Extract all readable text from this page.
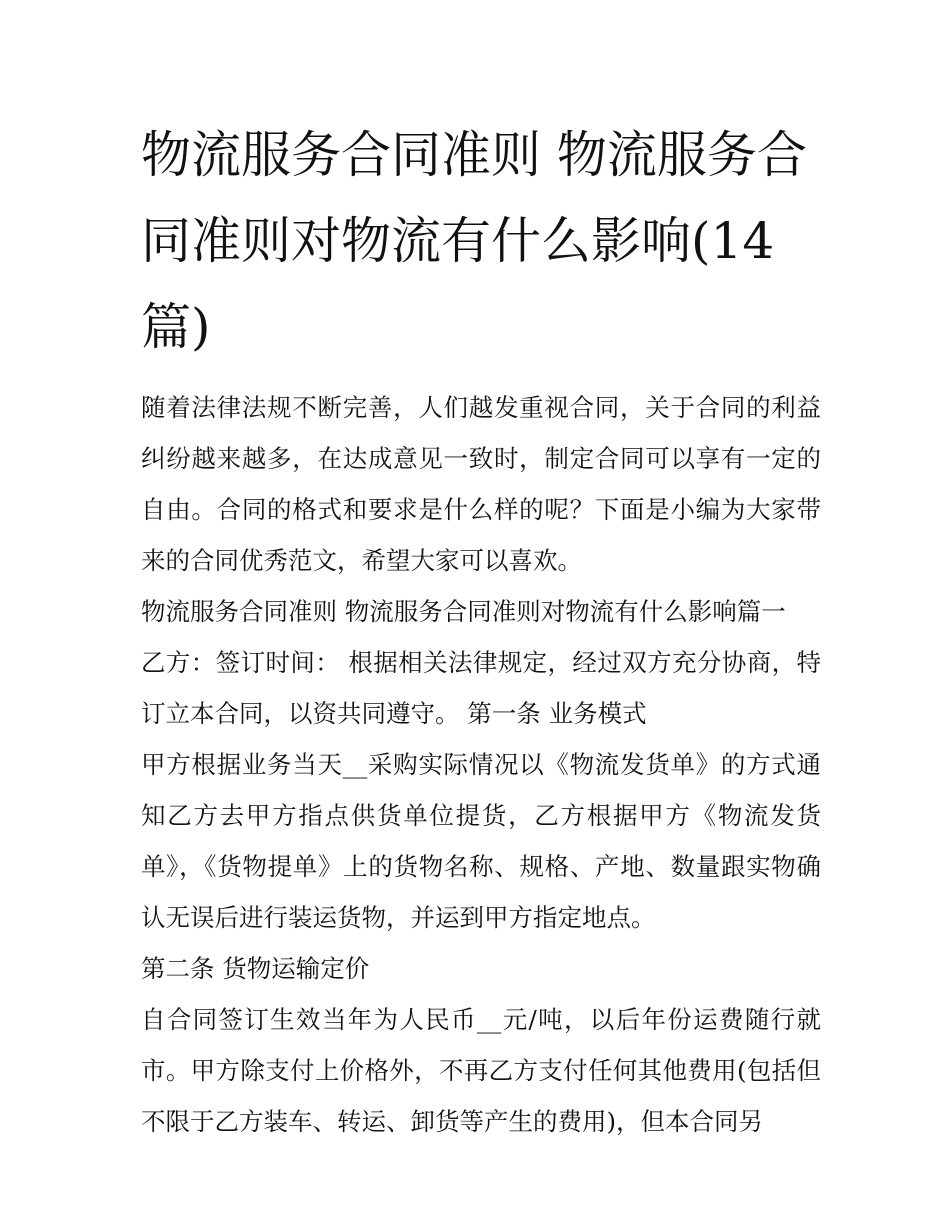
物流服务合同准则 物流服务合同准则对物流有什么影响(14篇)

随着法律法规不断完善，人们越发重视合同，关于合同的利益纠纷越来越多，在达成意见一致时，制定合同可以享有一定的自由。合同的格式和要求是什么样的呢？下面是小编为大家带来的合同优秀范文，希望大家可以喜欢。

物流服务合同准则 物流服务合同准则对物流有什么影响篇一

乙方：签订时间： 根据相关法律规定，经过双方充分协商，特订立本合同，以资共同遵守。 第一条 业务模式

甲方根据业务当天__采购实际情况以《物流发货单》的方式通知乙方去甲方指点供货单位提货，乙方根据甲方《物流发货单》，《货物提单》上的货物名称、规格、产地、数量跟实物确认无误后进行装运货物，并运到甲方指定地点。

第二条 货物运输定价

自合同签订生效当年为人民币__元/吨，以后年份运费随行就市。甲方除支付上价格外，不再乙方支付任何其他费用(包括但不限于乙方装车、转运、卸货等产生的费用)，但本合同另
